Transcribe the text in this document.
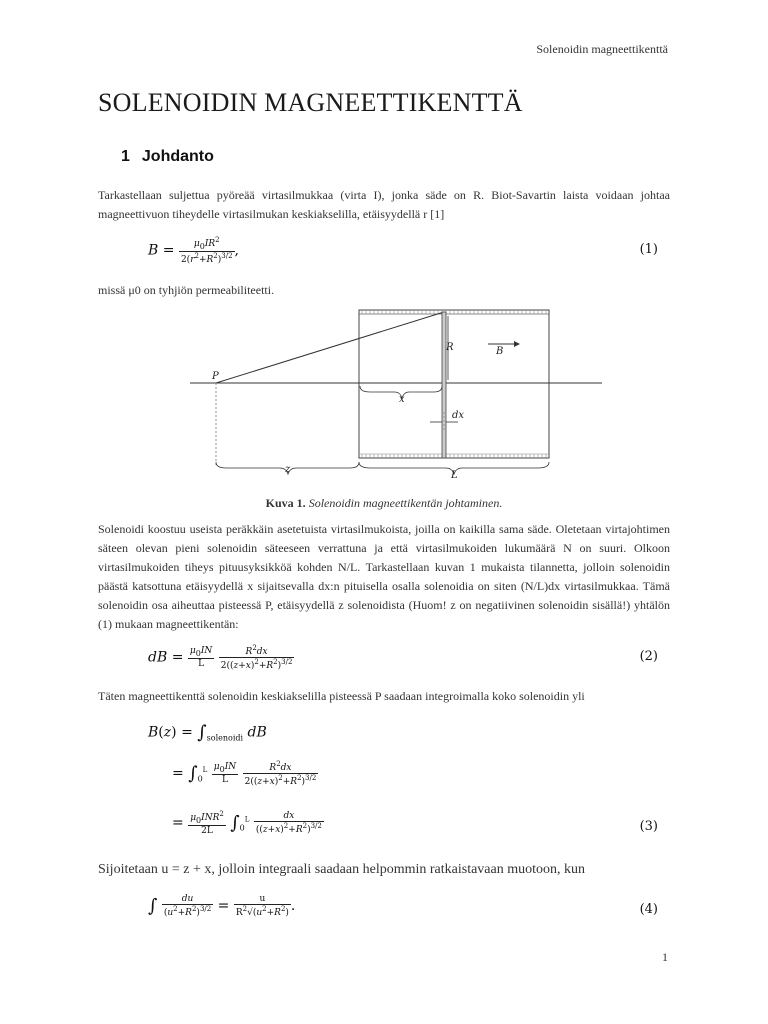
Solenoidin magneettikenttä
SOLENOIDIN MAGNEETTIKENTTÄ
1 Johdanto
Tarkastellaan suljettua pyöreää virtasilmukkaa (virta I), jonka säde on R. Biot-Savartin laista voidaan johtaa magneettivuon tiheydelle virtasilmukan keskiakselilla, etäisyydellä r [1]
$B = \frac{\mu 0IR^2}{2(r^2+R^2)^{3/2}}$ ,	(1)
missä μ0 on tyhjiön permeabiliteetti.
P
R	B
x
dx
z
L
Kuva 1. Solenoidin magneettikentän johtaminen.
Solenoidi koostuu useista peräkkäin asetetuista virtasilmukoista, joilla on kaikilla sama säde. Oletetaan virtajohtimen säteen olevan pieni solenoidin säteeseen verrattuna ja että virtasilmukoiden lukumäärä N on suuri. Olkoon virtasilmukoiden tiheys pituusyksikköä kohden N/L. Tarkastellaan kuvan 1 mukaista tilannetta, jolloin solenoidin päästä katsottuna etäisyydellä x sijaitsevalla dx:n pituisella osalla solenoidia on siten (N/L)dx virtasilmukkaa. Tämä solenoidin osa aiheuttaa pisteessä P, etäisyydellä z solenoidista (Huom! z on negatiivinen solenoidin sisällä!) yhtälön (1) mukaan magneettikentän:
dB = $\frac{\mu 0IN}{L}$
$\frac{R^2dx}{2((z+x)^2+R^2)^{3/2}}$	(2)
Täten magneettikenttä solenoidin keskiakselilla pisteessä P saadaan integroimalla koko solenoidin yli
$B(z) = \int_{solenoidi}$ dB
= $\int_0^L \frac{\mu 0IN}{L}$
$\frac{R^2dx}{2((z+x)^2+R^2)^{3/2}}$
= $\frac{\mu 0INR^2}{2L} \int_0^L \frac{dx}{((z+x)^2+R^2)^{3/2}}$	(3)
Sijoitetaan u = z + x, jolloin integraali saadaan helpommin ratkaistavaan muotoon, kun
∫ $\frac{du}{(u^2+R^2)^{3/2}} = \frac{u}{R^2√(u^2+R^2)}$ .	(4)
1
